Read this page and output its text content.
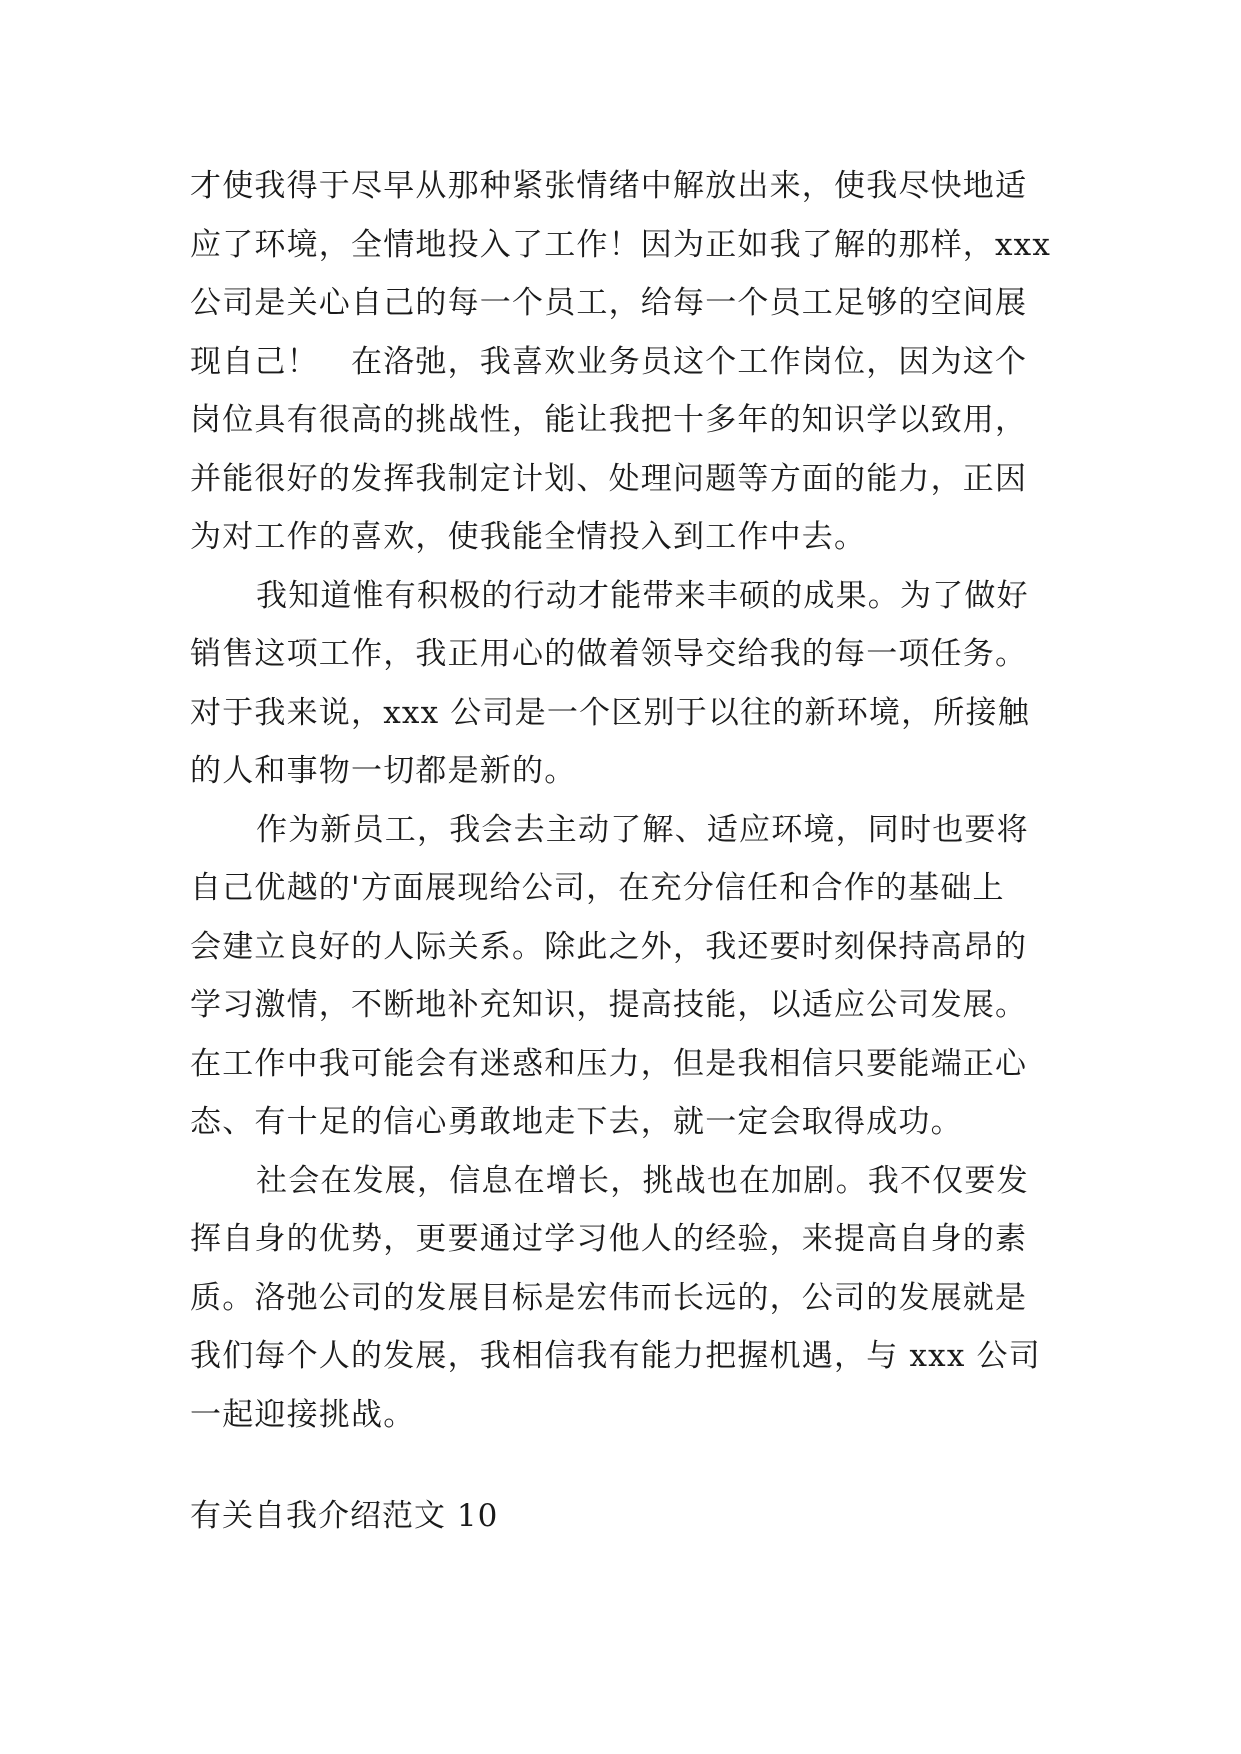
才使我得于尽早从那种紧张情绪中解放出来，使我尽快地适
应了环境，全情地投入了工作！因为正如我了解的那样，xxx
公司是关心自己的每一个员工，给每一个员工足够的空间展
现自己！　在洛弛，我喜欢业务员这个工作岗位，因为这个
岗位具有很高的挑战性，能让我把十多年的知识学以致用，
并能很好的发挥我制定计划、处理问题等方面的能力，正因
为对工作的喜欢，使我能全情投入到工作中去。
我知道惟有积极的行动才能带来丰硕的成果。为了做好
销售这项工作，我正用心的做着领导交给我的每一项任务。
对于我来说，xxx 公司是一个区别于以往的新环境，所接触
的人和事物一切都是新的。
作为新员工，我会去主动了解、适应环境，同时也要将
自己优越的'方面展现给公司，在充分信任和合作的基础上
会建立良好的人际关系。除此之外，我还要时刻保持高昂的
学习激情，不断地补充知识，提高技能，以适应公司发展。
在工作中我可能会有迷惑和压力，但是我相信只要能端正心
态、有十足的信心勇敢地走下去，就一定会取得成功。
社会在发展，信息在增长，挑战也在加剧。我不仅要发
挥自身的优势，更要通过学习他人的经验，来提高自身的素
质。洛弛公司的发展目标是宏伟而长远的，公司的发展就是
我们每个人的发展，我相信我有能力把握机遇，与 xxx 公司
一起迎接挑战。
有关自我介绍范文 10
